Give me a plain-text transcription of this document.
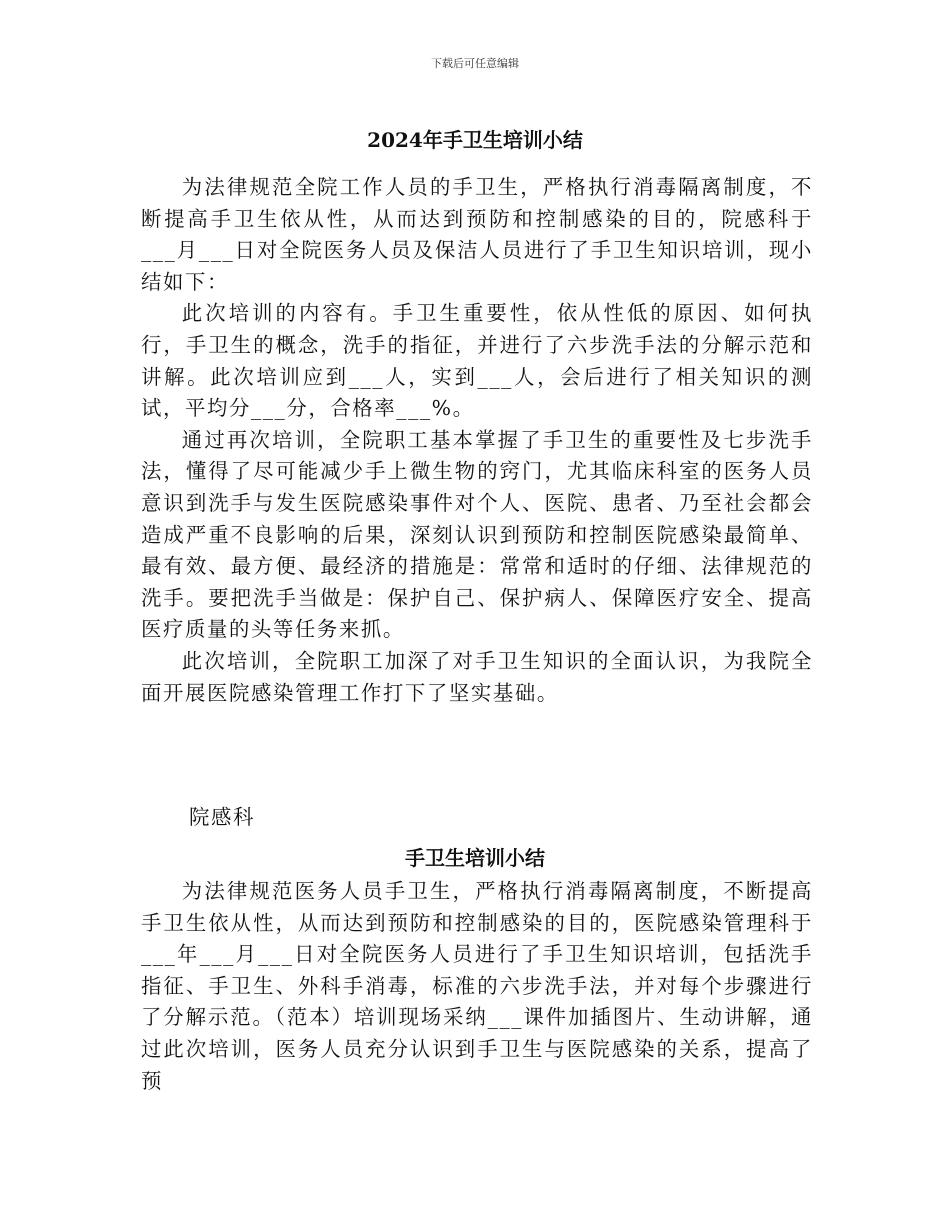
下载后可任意编辑
2024年手卫生培训小结

为法律规范全院工作人员的手卫生，严格执行消毒隔离制度，不断提高手卫生依从性，从而达到预防和控制感染的目的，院感科于___月___日对全院医务人员及保洁人员进行了手卫生知识培训，现小结如下：

此次培训的内容有。手卫生重要性，依从性低的原因、如何执行，手卫生的概念，洗手的指征，并进行了六步洗手法的分解示范和讲解。此次培训应到___人，实到___人，会后进行了相关知识的测试，平均分___分，合格率___%。

通过再次培训，全院职工基本掌握了手卫生的重要性及七步洗手法，懂得了尽可能减少手上微生物的窍门，尤其临床科室的医务人员意识到洗手与发生医院感染事件对个人、医院、患者、乃至社会都会造成严重不良影响的后果，深刻认识到预防和控制医院感染最简单、最有效、最方便、最经济的措施是：常常和适时的仔细、法律规范的洗手。要把洗手当做是：保护自己、保护病人、保障医疗安全、提高医疗质量的头等任务来抓。

此次培训，全院职工加深了对手卫生知识的全面认识，为我院全面开展医院感染管理工作打下了坚实基础。

院感科
手卫生培训小结

为法律规范医务人员手卫生，严格执行消毒隔离制度，不断提高手卫生依从性，从而达到预防和控制感染的目的，医院感染管理科于___年___月___日对全院医务人员进行了手卫生知识培训，包括洗手指征、手卫生、外科手消毒，标准的六步洗手法，并对每个步骤进行了分解示范。（范本）培训现场采纳___课件加插图片、生动讲解，通过此次培训，医务人员充分认识到手卫生与医院感染的关系，提高了预
